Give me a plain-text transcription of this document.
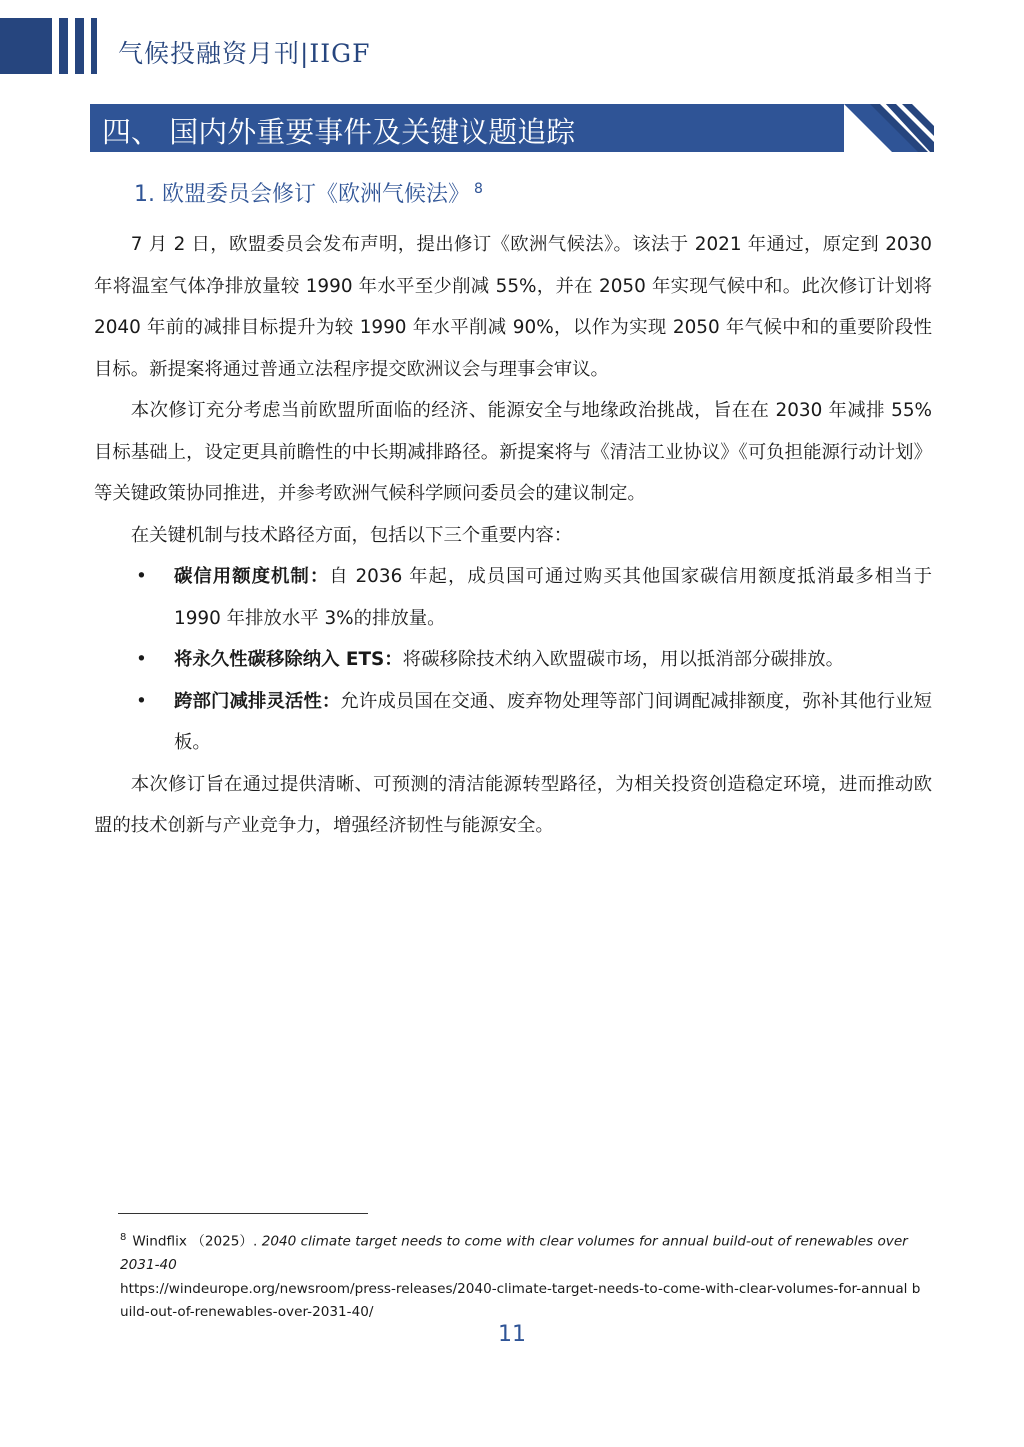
气候投融资月刊|IIGF
四、 国内外重要事件及关键议题追踪
1. 欧盟委员会修订《欧洲气候法》 $^8$

7 月 2 日，欧盟委员会发布声明，提出修订《欧洲气候法》。该法于 2021 年通过，原定到 2030 年将温室气体净排放量较 1990 年水平至少削减 55%，并在 2050 年实现气候中和。此次修订计划将 2040 年前的减排目标提升为较 1990 年水平削减 90%，以作为实现 2050 年气候中和的重要阶段性目标。新提案将通过普通立法程序提交欧洲议会与理事会审议。

本次修订充分考虑当前欧盟所面临的经济、能源安全与地缘政治挑战，旨在在 2030 年减排 55%目标基础上，设定更具前瞻性的中长期减排路径。新提案将与《清洁工业协议》《可负担能源行动计划》等关键政策协同推进，并参考欧洲气候科学顾问委员会的建议制定。

在关键机制与技术路径方面，包括以下三个重要内容：

• 碳信用额度机制：自 2036 年起，成员国可通过购买其他国家碳信用额度抵消最多相当于 1990 年排放水平 3%的排放量。
• 将永久性碳移除纳入 ETS：将碳移除技术纳入欧盟碳市场，用以抵消部分碳排放。
• 跨部门减排灵活性：允许成员国在交通、废弃物处理等部门间调配减排额度，弥补其他行业短板。

本次修订旨在通过提供清晰、可预测的清洁能源转型路径，为相关投资创造稳定环境，进而推动欧盟的技术创新与产业竞争力，增强经济韧性与能源安全。

$^8$ Windflix （2025）. 2040 climate target needs to come with clear volumes for annual build-out of renewables over 2031-40
https://windeurope.org/newsroom/press-releases/2040-climate-target-needs-to-come-with-clear-volumes-for-annual build-out-of-renewables-over-2031-40/
11
